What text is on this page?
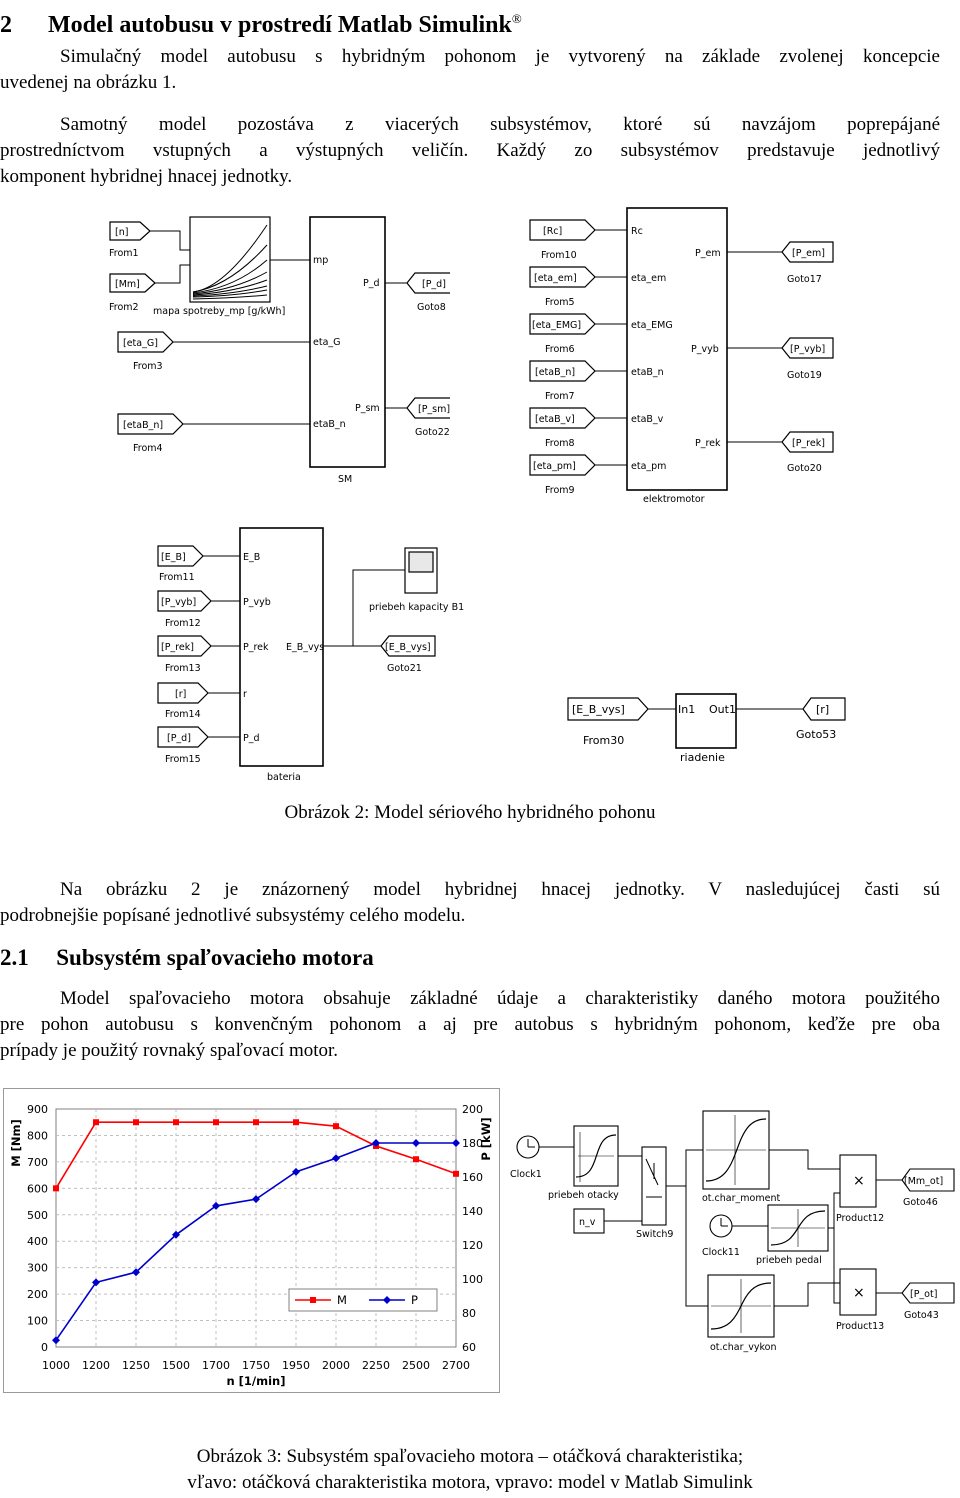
2 Model autobusu v prostredí Matlab Simulink®
Simulačný model autobusu s hybridným pohonom je vytvorený na základe zvolenej koncepcie
uvedenej na obrázku 1.
Samotný model pozostáva z viacerých subsystémov, ktoré sú navzájom poprepájané
prostredníctvom vstupných a výstupných veličín. Každý zo subsystémov predstavuje jednotlivý
komponent hybridnej hnacej jednotky.
[n]
From1
[Mm]
From2
[eta_G]
From3
[etaB_n]
From4
mapa spotreby_mp [g/kWh]
mp
eta_G
etaB_n
P_d
P_sm
[P_d]
Goto8
[P_sm]
Goto22
SM
[Rc]
From10
[eta_em]
From5
[eta_EMG]
From6
[etaB_n]
From7
[etaB_v]
From8
[eta_pm]
From9
Rc
eta_em
eta_EMG
etaB_n
etaB_v
eta_pm
P_em
P_vyb
P_rek
[P_em]
Goto17
[P_vyb]
Goto19
[P_rek]
Goto20
elektromotor
[E_B]
From11
[P_vyb]
From12
[P_rek]
From13
[r]
From14
[P_d]
From15
E_B
P_vyb
P_rek
r
P_d
E_B_vys
priebeh kapacity B1
[E_B_vys]
Goto21
bateria
[E_B_vys]
From30
In1 Out1	[r]
Goto53
riadenie
Obrázok 2: Model sériového hybridného pohonu
Na obrázku 2 je znázornený model hybridnej hnacej jednotky. V nasledujúcej časti sú
podrobnejšie popísané jednotlivé subsystémy celého modelu.
2.1 Subsystém spaľovacieho motora
Model spaľovacieho motora obsahuje základné údaje a charakteristiky daného motora použitého
pre pohon autobusu s konvenčným pohonom a aj pre autobus s hybridným pohonom, keďže pre oba
prípady je použitý rovnaký spaľovací motor.
0
100
200
300
400
500
600
700
800
900
1000 1200 1250 1500 1700 1750 1950 2000 2250 2500 2700
60
80
100
120
140
160
180
200
n [1/min]
M [Nm]	P [kW]
M	P
×
×
Clock1
priebeh otacky
n_v
Switch9
ot.char_moment
Product12
[Mm_ot]
Goto46
Clock11
priebeh pedal
ot.char_vykon
Product13
[P_ot]
Goto43
Obrázok 3: Subsystém spaľovacieho motora – otáčková charakteristika;
vľavo: otáčková charakteristika motora, vpravo: model v Matlab Simulink
